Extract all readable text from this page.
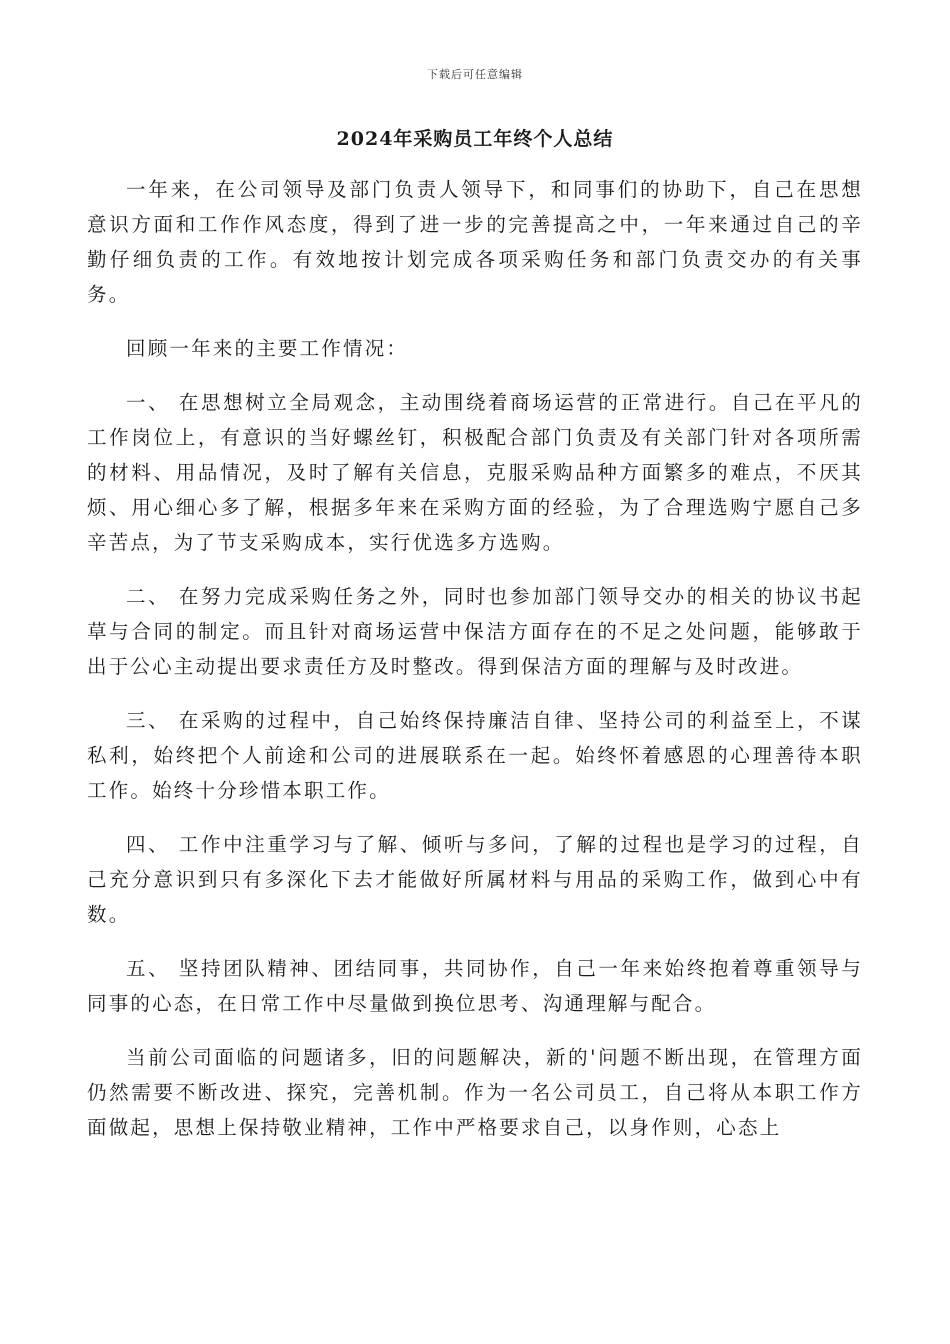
下载后可任意编辑
2024年采购员工年终个人总结

一年来，在公司领导及部门负责人领导下，和同事们的协助下，自己在思想意识方面和工作作风态度，得到了进一步的完善提高之中，一年来通过自己的辛勤仔细负责的工作。有效地按计划完成各项采购任务和部门负责交办的有关事务。

回顾一年来的主要工作情况：

一、 在思想树立全局观念，主动围绕着商场运营的正常进行。自己在平凡的工作岗位上，有意识的当好螺丝钉，积极配合部门负责及有关部门针对各项所需的材料、用品情况，及时了解有关信息，克服采购品种方面繁多的难点，不厌其烦、用心细心多了解，根据多年来在采购方面的经验，为了合理选购宁愿自己多辛苦点，为了节支采购成本，实行优选多方选购。

二、 在努力完成采购任务之外，同时也参加部门领导交办的相关的协议书起草与合同的制定。而且针对商场运营中保洁方面存在的不足之处问题，能够敢于出于公心主动提出要求责任方及时整改。得到保洁方面的理解与及时改进。

三、 在采购的过程中，自己始终保持廉洁自律、坚持公司的利益至上，不谋私利，始终把个人前途和公司的进展联系在一起。始终怀着感恩的心理善待本职工作。始终十分珍惜本职工作。

四、 工作中注重学习与了解、倾听与多问，了解的过程也是学习的过程，自己充分意识到只有多深化下去才能做好所属材料与用品的采购工作，做到心中有数。

五、 坚持团队精神、团结同事，共同协作，自己一年来始终抱着尊重领导与同事的心态，在日常工作中尽量做到换位思考、沟通理解与配合。

当前公司面临的问题诸多，旧的问题解决，新的'问题不断出现，在管理方面仍然需要不断改进、探究，完善机制。作为一名公司员工，自己将从本职工作方面做起，思想上保持敬业精神，工作中严格要求自己，以身作则，心态上
